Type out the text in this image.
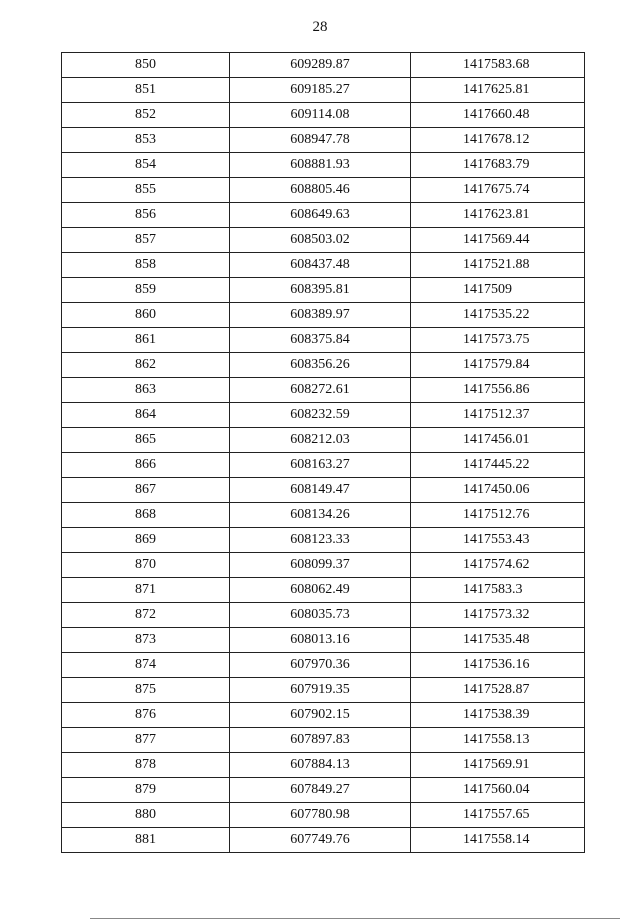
28
850	609289.87	1417583.68
851	609185.27	1417625.81
852	609114.08	1417660.48
853	608947.78	1417678.12
854	608881.93	1417683.79
855	608805.46	1417675.74
856	608649.63	1417623.81
857	608503.02	1417569.44
858	608437.48	1417521.88
859	608395.81	1417509
860	608389.97	1417535.22
861	608375.84	1417573.75
862	608356.26	1417579.84
863	608272.61	1417556.86
864	608232.59	1417512.37
865	608212.03	1417456.01
866	608163.27	1417445.22
867	608149.47	1417450.06
868	608134.26	1417512.76
869	608123.33	1417553.43
870	608099.37	1417574.62
871	608062.49	1417583.3
872	608035.73	1417573.32
873	608013.16	1417535.48
874	607970.36	1417536.16
875	607919.35	1417528.87
876	607902.15	1417538.39
877	607897.83	1417558.13
878	607884.13	1417569.91
879	607849.27	1417560.04
880	607780.98	1417557.65
881	607749.76	1417558.14
